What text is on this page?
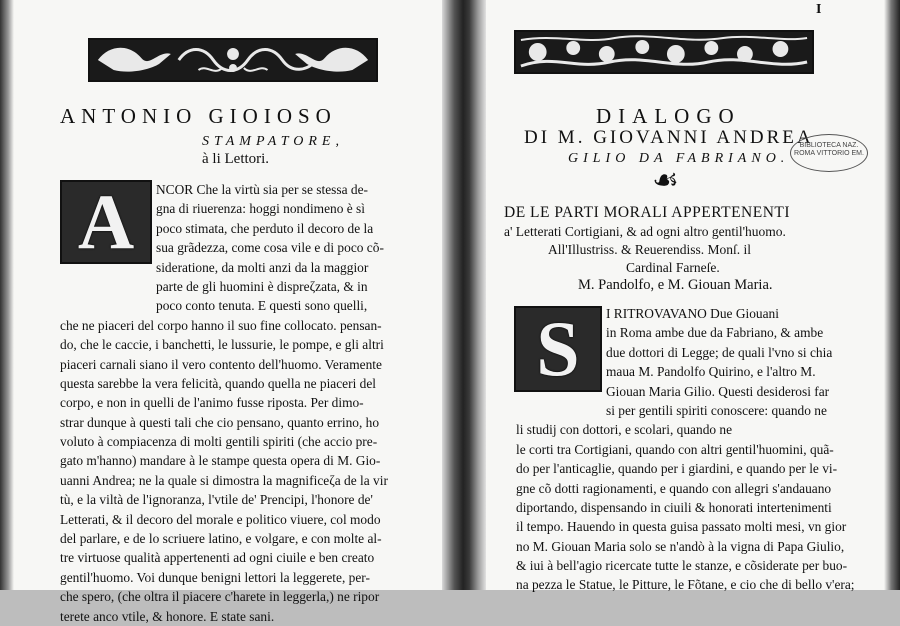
ANTONIO GIOIOSO
STAMPATORE,
à li Lettori.
A	NCOR Che la virtù sia per se stessa de-
gna di riuerenza: hoggi nondimeno è sì
poco stimata, che perduto il decoro de la
sua grãdezza, come cosa vile e di poco cõ-
sideratione, da molti anzi da la maggior
parte de gli huomini è dispreζzata, & in
poco conto tenuta. E questi sono quelli,
che ne piaceri del corpo hanno il suo fine collocato. pensan-
do, che le caccie, i banchetti, le lussurie, le pompe, e gli altri
piaceri carnali siano il vero contento dell'huomo. Veramente
questa sarebbe la vera felicità, quando quella ne piaceri del
corpo, e non in quelli de l'animo fusse riposta. Per dimo-
strar dunque à questi tali che cio pensano, quanto errino, ho
voluto à compiacenza di molti gentili spiriti (che accio pre-
gato m'hanno) mandare à le stampe questa opera di M. Gio-
uanni Andrea; ne la quale si dimostra la magnificeζa de la vir
tù, e la viltà de l'ignoranza, l'vtile de' Prencipi, l'honore de'
Letterati, & il decoro del morale e politico viuere, col modo
del parlare, e de lo scriuere latino, e volgare, e con molte al-
tre virtuose qualità appertenenti ad ogni ciuile e ben creato
gentil'huomo. Voi dunque benigni lettori la leggerete, per-
che spero, (che oltra il piacere c'harete in leggerla,) ne ripor
terete anco vtile, & honore. E state sani.
I
DIALOGO
DI M. GIOVANNI ANDREA
GILIO DA FABRIANO.
BIBLIOTECA NAZ. ROMA VITTORIO EM.
☙
DE LE PARTI MORALI APPERTENENTI
a' Letterati Cortigiani, & ad ogni altro gentil'huomo.
All'Illustriss. & Reuerendiss. Monſ. il
Cardinal Farneſe.
M. Pandolfo, e M. Giouan Maria.
S	I RITROVAVANO Due Giouani
in Roma ambe due da Fabriano, & ambe
due dottori di Legge; de quali l'vno si chia
maua M. Pandolfo Quirino, e l'altro M.
Giouan Maria Gilio. Questi desiderosi far
si per gentili spiriti conoscere: quando ne
li studij con dottori, e scolari, quando ne
le corti tra Cortigiani, quando con altri gentil'huomini, quã-
do per l'anticaglie, quando per i giardini, e quando per le vi-
gne cõ dotti ragionamenti, e quando con allegri s'andauano
diportando, dispensando in ciuili & honorati intertenimenti
il tempo. Hauendo in questa guisa passato molti mesi, vn gior
no M. Giouan Maria solo se n'andò à la vigna di Papa Giulio,
& iui à bell'agio ricercate tutte le stanze, e cõsiderate per buo-
na pezza le Statue, le Pitture, le Fõtane, e cio che di bello v'era;
